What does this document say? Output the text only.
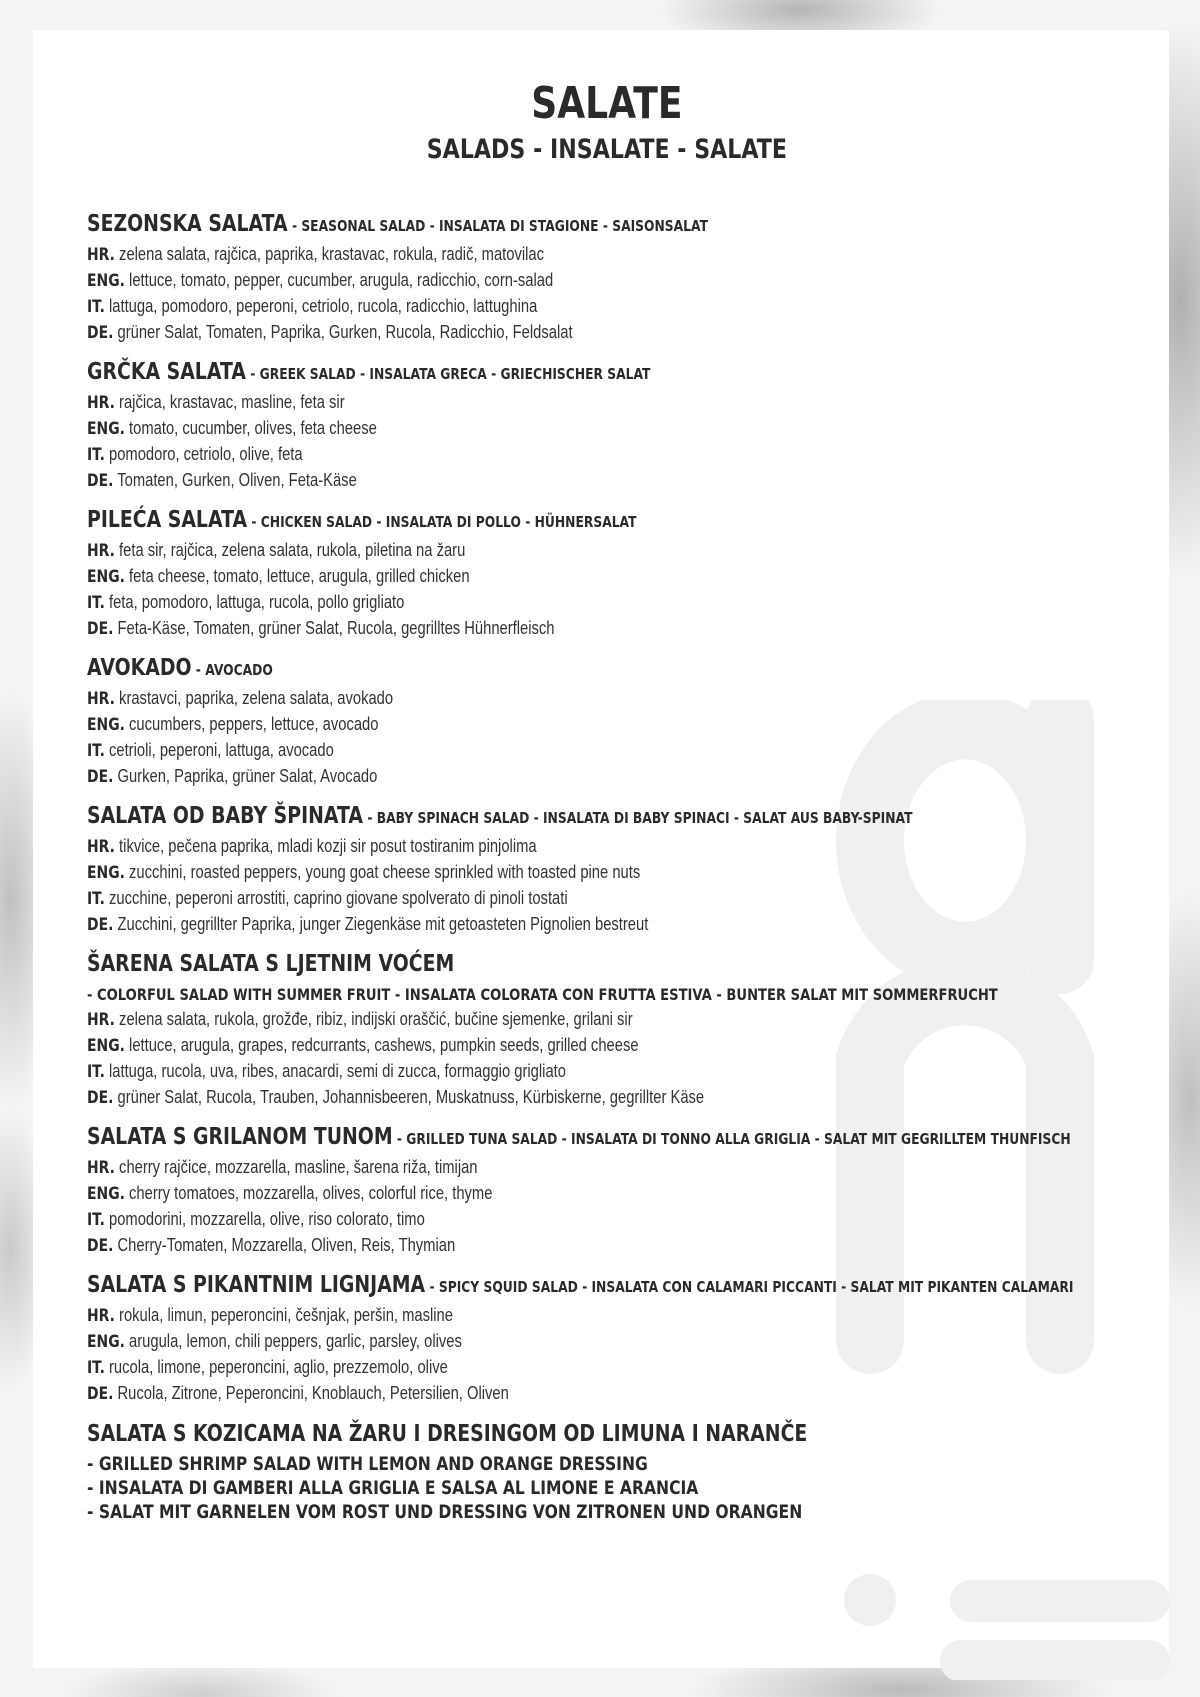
SALATE
SALADS - INSALATE - SALATE
SEZONSKA SALATA - SEASONAL SALAD - INSALATA DI STAGIONE - SAISONSALAT
HR. zelena salata, rajčica, paprika, krastavac, rokula, radič, matovilac
ENG. lettuce, tomato, pepper, cucumber, arugula, radicchio, corn-salad
IT. lattuga, pomodoro, peperoni, cetriolo, rucola, radicchio, lattughina
DE. grüner Salat, Tomaten, Paprika, Gurken, Rucola, Radicchio, Feldsalat
GRČKA SALATA - GREEK SALAD - INSALATA GRECA - GRIECHISCHER SALAT
HR. rajčica, krastavac, masline, feta sir
ENG. tomato, cucumber, olives, feta cheese
IT. pomodoro, cetriolo, olive, feta
DE. Tomaten, Gurken, Oliven, Feta-Käse
PILEĆA SALATA - CHICKEN SALAD - INSALATA DI POLLO - HÜHNERSALAT
HR. feta sir, rajčica, zelena salata, rukola, piletina na žaru
ENG. feta cheese, tomato, lettuce, arugula, grilled chicken
IT. feta, pomodoro, lattuga, rucola, pollo grigliato
DE. Feta-Käse, Tomaten, grüner Salat, Rucola, gegrilltes Hühnerfleisch
AVOKADO - AVOCADO
HR. krastavci, paprika, zelena salata, avokado
ENG. cucumbers, peppers, lettuce, avocado
IT. cetrioli, peperoni, lattuga, avocado
DE. Gurken, Paprika, grüner Salat, Avocado
SALATA OD BABY ŠPINATA - BABY SPINACH SALAD - INSALATA DI BABY SPINACI - SALAT AUS BABY-SPINAT
HR. tikvice, pečena paprika, mladi kozji sir posut tostiranim pinjolima
ENG. zucchini, roasted peppers, young goat cheese sprinkled with toasted pine nuts
IT. zucchine, peperoni arrostiti, caprino giovane spolverato di pinoli tostati
DE. Zucchini, gegrillter Paprika, junger Ziegenkäse mit getoasteten Pignolien bestreut
ŠARENA SALATA S LJETNIM VOĆEM
- COLORFUL SALAD WITH SUMMER FRUIT - INSALATA COLORATA CON FRUTTA ESTIVA - BUNTER SALAT MIT SOMMERFRUCHT
HR. zelena salata, rukola, grožđe, ribiz, indijski oraščić, bučine sjemenke, grilani sir
ENG. lettuce, arugula, grapes, redcurrants, cashews, pumpkin seeds, grilled cheese
IT. lattuga, rucola, uva, ribes, anacardi, semi di zucca, formaggio grigliato
DE. grüner Salat, Rucola, Trauben, Johannisbeeren, Muskatnuss, Kürbiskerne, gegrillter Käse
SALATA S GRILANOM TUNOM - GRILLED TUNA SALAD - INSALATA DI TONNO ALLA GRIGLIA - SALAT MIT GEGRILLTEM THUNFISCH
HR. cherry rajčice, mozzarella, masline, šarena riža, timijan
ENG. cherry tomatoes, mozzarella, olives, colorful rice, thyme
IT. pomodorini, mozzarella, olive, riso colorato, timo
DE. Cherry-Tomaten, Mozzarella, Oliven, Reis, Thymian
SALATA S PIKANTNIM LIGNJAMA - SPICY SQUID SALAD - INSALATA CON CALAMARI PICCANTI - SALAT MIT PIKANTEN CALAMARI
HR. rokula, limun, peperoncini, češnjak, peršin, masline
ENG. arugula, lemon, chili peppers, garlic, parsley, olives
IT. rucola, limone, peperoncini, aglio, prezzemolo, olive
DE. Rucola, Zitrone, Peperoncini, Knoblauch, Petersilien, Oliven
SALATA S KOZICAMA NA ŽARU I DRESINGOM OD LIMUNA I NARANČE
- GRILLED SHRIMP SALAD WITH LEMON AND ORANGE DRESSING
- INSALATA DI GAMBERI ALLA GRIGLIA E SALSA AL LIMONE E ARANCIA
- SALAT MIT GARNELEN VOM ROST UND DRESSING VON ZITRONEN UND ORANGEN
